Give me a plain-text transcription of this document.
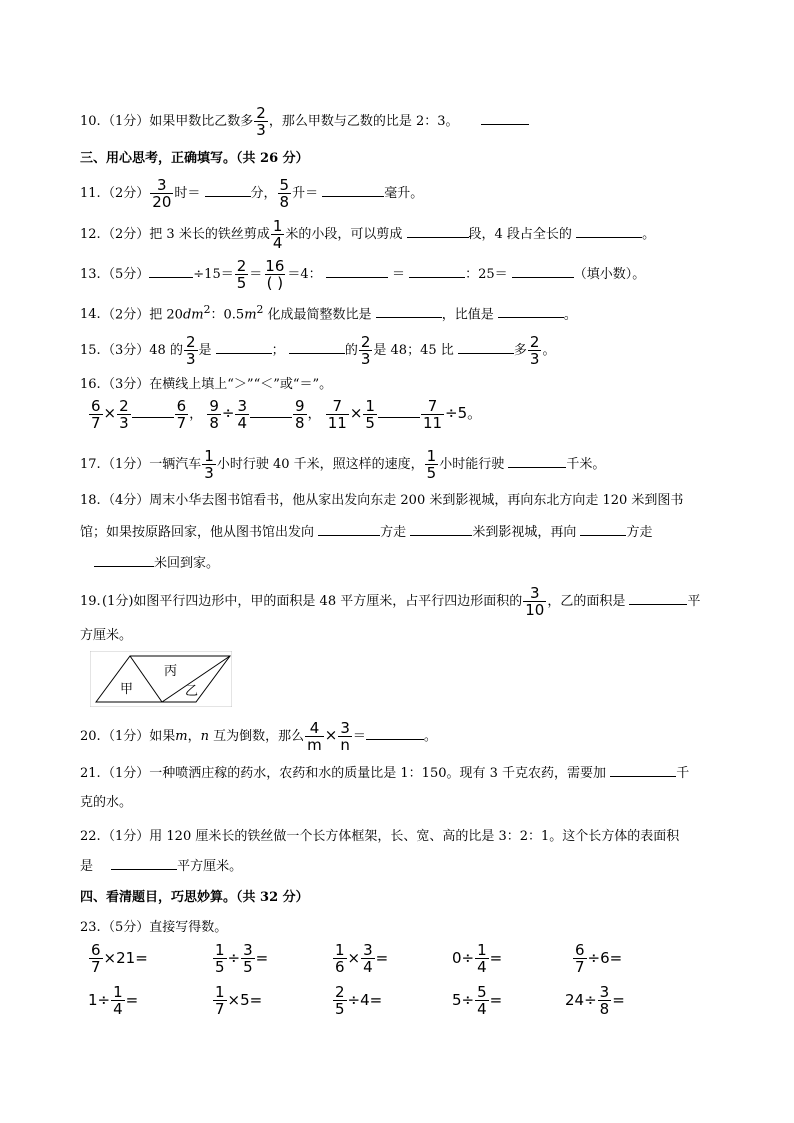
10.（1分）如果甲数比乙数多 $\frac{2}{3}$ ，那么甲数与乙数的比是 2：3。
三、用心思考，正确填写。（共 26 分）
11.（2分） $\frac{3}{20}$ 时＝	分， $\frac{5}{8}$ 升＝	毫升。
12.（2分）把 3 米长的铁丝剪成 $\frac{1}{4}$ 米的小段，可以剪成	段，4 段占全长的	。
13.（5分）	$\div 15= \frac{2}{5} = \frac{16}{( )} =4$：	＝	：25＝	（填小数）。
14.（2分）把 $20dm^2$：$0.5m^2$ 化成最简整数比是	，比值是	。
15.（3分）48 的 $\frac{2}{3}$ 是	；	的 $\frac{2}{3}$ 是 48；45 比	多 $\frac{2}{3}$ 。
16.（3分）在横线上填上“＞”“＜”或“＝”。
$\frac{6}{7} \times \frac{2}{3}$	$\frac{6}{7}$ ， $\frac{9}{8} \div \frac{3}{4}$	$\frac{9}{8}$ ， $\frac{7}{11} \times \frac{1}{5}$	$\frac{7}{11} \div 5$。
17.（1分）一辆汽车 $\frac{1}{3}$ 小时行驶 40 千米，照这样的速度， $\frac{1}{5}$ 小时能行驶	千米。
18.（4分）周末小华去图书馆看书，他从家出发向东走 200 米到影视城，再向东北方向走 120 米到图书
馆；如果按原路回家，他从图书馆出发向	方走	米到影视城，再向	方走
米回到家。
19.(1分)如图平行四边形中，甲的面积是 48 平方厘米，占平行四边形面积的 $\frac{3}{10}$ ，乙的面积是	平
方厘米。
甲
丙
乙
20.（1分）如果m，n 互为倒数，那么 $\frac{4}{m} \times \frac{3}{n}$ ＝	。
21.（1分）一种喷洒庄稼的药水，农药和水的质量比是 1：150。现有 3 千克农药，需要加	千
克的水。
22.（1分）用 120 厘米长的铁丝做一个长方体框架，长、宽、高的比是 3：2：1。这个长方体的表面积
是	平方厘米。
四、看清题目，巧思妙算。（共 32 分）
23.（5分）直接写得数。
$\frac{6}{7} \times 21=$	$\frac{1}{5} \div \frac{3}{5}$ =	$\frac{1}{6} \times \frac{3}{4}$ =	$0\div \frac{1}{4}$ =	$\frac{6}{7} \div 6=$
$1\div \frac{1}{4}$ =	$\frac{1}{7} \times 5=$	$\frac{2}{5} \div 4=$	$5\div \frac{5}{4}$ =	$24\div \frac{3}{8}$ =
